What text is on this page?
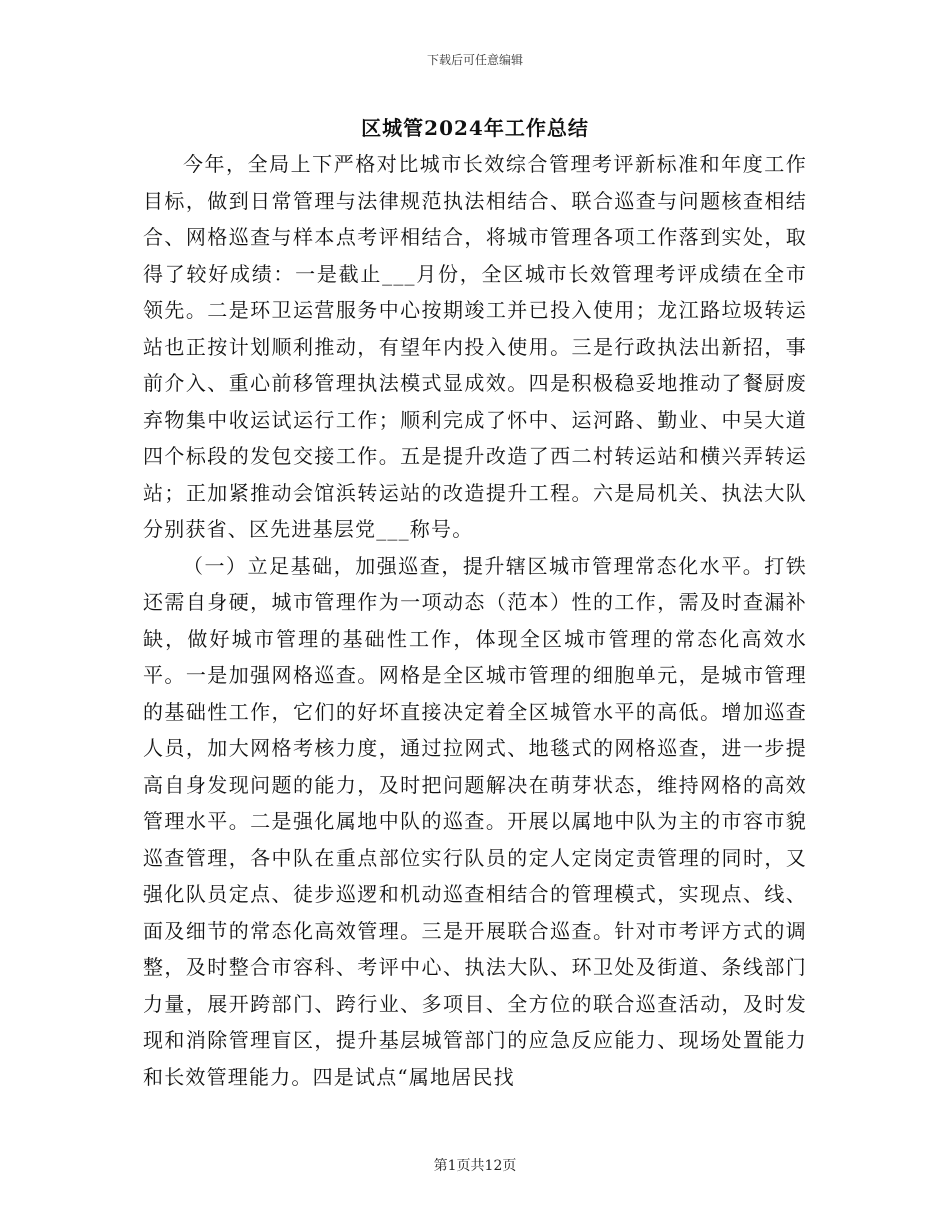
下载后可任意编辑
区城管2024年工作总结

今年，全局上下严格对比城市长效综合管理考评新标准和年度工作目标，做到日常管理与法律规范执法相结合、联合巡查与问题核查相结合、网格巡查与样本点考评相结合，将城市管理各项工作落到实处，取得了较好成绩：一是截止___月份，全区城市长效管理考评成绩在全市领先。二是环卫运营服务中心按期竣工并已投入使用；龙江路垃圾转运站也正按计划顺利推动，有望年内投入使用。三是行政执法出新招，事前介入、重心前移管理执法模式显成效。四是积极稳妥地推动了餐厨废弃物集中收运试运行工作；顺利完成了怀中、运河路、勤业、中吴大道四个标段的发包交接工作。五是提升改造了西二村转运站和横兴弄转运站；正加紧推动会馆浜转运站的改造提升工程。六是局机关、执法大队分别获省、区先进基层党___称号。

（一）立足基础，加强巡查，提升辖区城市管理常态化水平。打铁还需自身硬，城市管理作为一项动态（范本）性的工作，需及时查漏补缺，做好城市管理的基础性工作，体现全区城市管理的常态化高效水平。一是加强网格巡查。网格是全区城市管理的细胞单元，是城市管理的基础性工作，它们的好坏直接决定着全区城管水平的高低。增加巡查人员，加大网格考核力度，通过拉网式、地毯式的网格巡查，进一步提高自身发现问题的能力，及时把问题解决在萌芽状态，维持网格的高效管理水平。二是强化属地中队的巡查。开展以属地中队为主的市容市貌巡查管理，各中队在重点部位实行队员的定人定岗定责管理的同时，又强化队员定点、徒步巡逻和机动巡查相结合的管理模式，实现点、线、面及细节的常态化高效管理。三是开展联合巡查。针对市考评方式的调整，及时整合市容科、考评中心、执法大队、环卫处及街道、条线部门力量，展开跨部门、跨行业、多项目、全方位的联合巡查活动，及时发现和消除管理盲区，提升基层城管部门的应急反应能力、现场处置能力和长效管理能力。四是试点“属地居民找

第1页共12页
